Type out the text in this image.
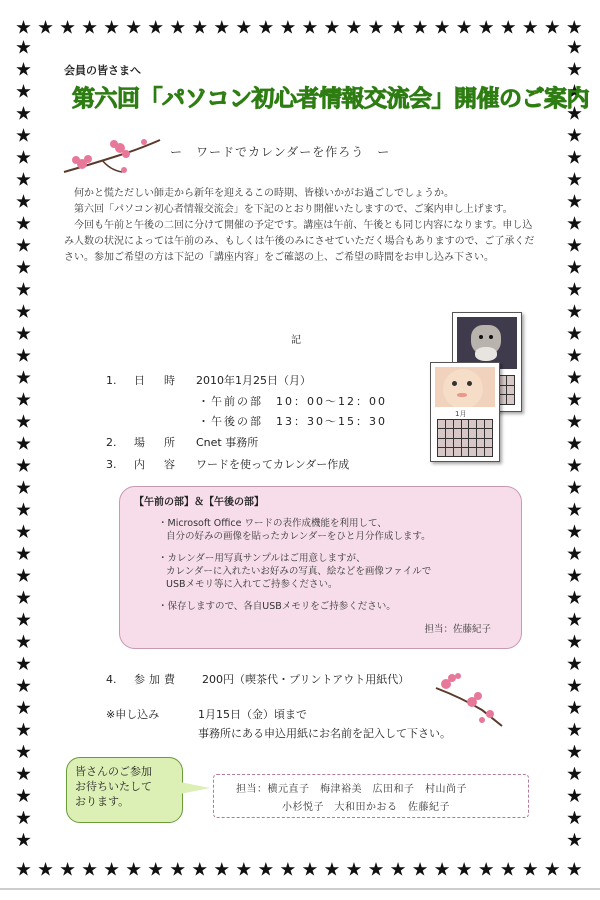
会員の皆さまへ
第六回「パソコン初心者情報交流会」開催のご案内
ー　ワードでカレンダーを作ろう　ー

何かと慌ただしい師走から新年を迎えるこの時期、皆様いかがお過ごしでしょうか。

第六回「パソコン初心者情報交流会」を下記のとおり開催いたしますので、ご案内申し上げます。

今回も午前と午後の二回に分けて開催の予定です。講座は午前、午後とも同じ内容になります。申し込み人数の状況によっては午前のみ、もしくは午後のみにさせていただく場合もありますので、ご了承ください。参加ご希望の方は下記の「講座内容」をご確認の上、ご希望の時間をお申し込み下さい。

記
1. 日　時 2010年1月25日（月）
・午前の部　10：00～12：00
・午後の部　13：30～15：30
2. 場　所 Cnet 事務所
3. 内　容 ワードを使ってカレンダー作成
1月
【午前の部】＆【午後の部】
・Microsoft Office ワードの表作成機能を利用して、
自分の好みの画像を貼ったカレンダーをひと月分作成します。
・カレンダー用写真サンプルはご用意しますが、
カレンダーに入れたいお好みの写真、絵などを画像ファイルで
USBメモリ等に入れてご持参ください。
・保存しますので、各自USBメモリをご持参ください。
担当：佐藤紀子
4. 参加費 200円（喫茶代・プリントアウト用紙代）
※申し込み	1月15日（金）頃まで
事務所にある申込用紙にお名前を記入して下さい。
皆さんのご参加
お待ちいたして
おります。
担当：横元直子　梅津裕美　広田和子　村山尚子
小杉悦子　大和田かおる　佐藤紀子
